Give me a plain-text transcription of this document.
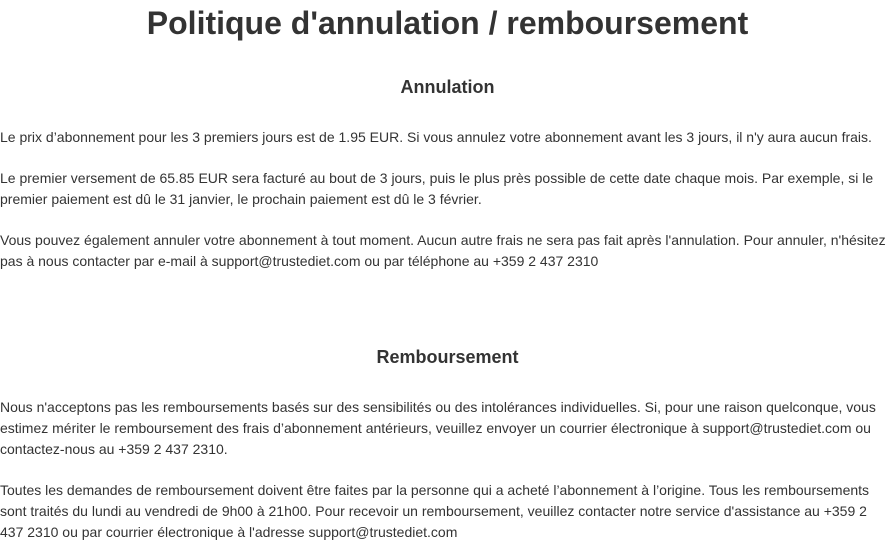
Politique d'annulation / remboursement
Annulation

Le prix d’abonnement pour les 3 premiers jours est de 1.95 EUR. Si vous annulez votre abonnement avant les 3 jours, il n'y aura aucun frais.

Le premier versement de 65.85 EUR sera facturé au bout de 3 jours, puis le plus près possible de cette date chaque mois. Par exemple, si le premier paiement est dû le 31 janvier, le prochain paiement est dû le 3 février.

Vous pouvez également annuler votre abonnement à tout moment. Aucun autre frais ne sera pas fait après l'annulation. Pour annuler, n'hésitez pas à nous contacter par e-mail à support@trustediet.com ou par téléphone au +359 2 437 2310

Remboursement

Nous n'acceptons pas les remboursements basés sur des sensibilités ou des intolérances individuelles. Si, pour une raison quelconque, vous estimez mériter le remboursement des frais d’abonnement antérieurs, veuillez envoyer un courrier électronique à support@trustediet.com ou contactez-nous au +359 2 437 2310.

Toutes les demandes de remboursement doivent être faites par la personne qui a acheté l’abonnement à l’origine. Tous les remboursements sont traités du lundi au vendredi de 9h00 à 21h00. Pour recevoir un remboursement, veuillez contacter notre service d'assistance au +359 2 437 2310 ou par courrier électronique à l'adresse support@trustediet.com
